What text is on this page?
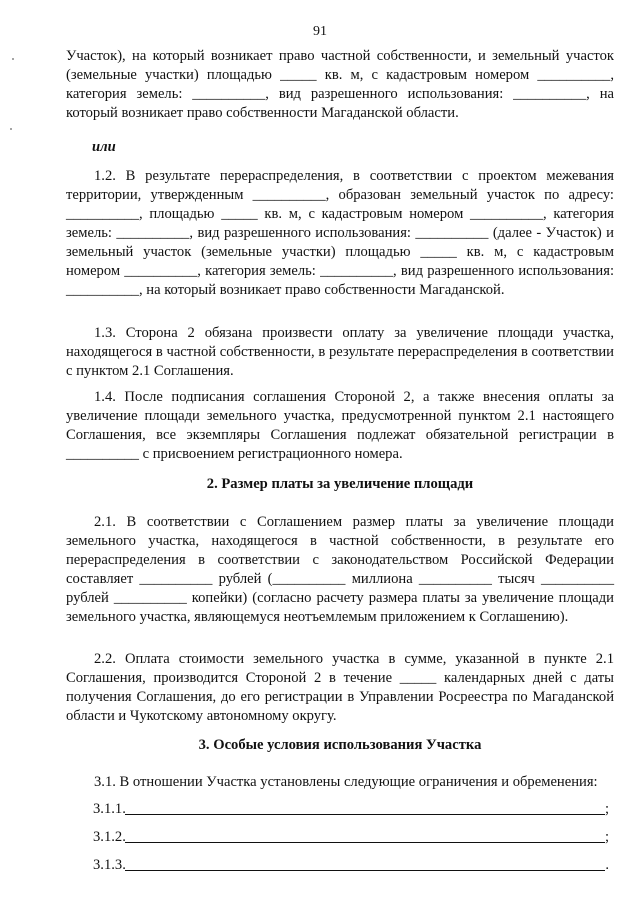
91

Участок), на который возникает право частной собственности, и земельный участок (земельные участки) площадью _____ кв. м, с кадастровым номером __________, категория земель: __________, вид разрешенного использования: __________, на который возникает право собственности Магаданской области.

или

1.2. В результате перераспределения, в соответствии с проектом межевания территории, утвержденным __________, образован земельный участок по адресу: __________, площадью _____ кв. м, с кадастровым номером __________, категория земель: __________, вид разрешенного использования: __________ (далее - Участок) и земельный участок (земельные участки) площадью _____ кв. м, с кадастровым номером __________, категория земель: __________, вид разрешенного использования: __________, на который возникает право собственности Магаданской.

1.3. Сторона 2 обязана произвести оплату за увеличение площади участка, находящегося в частной собственности, в результате перераспределения в соответствии с пунктом 2.1 Соглашения.

1.4. После подписания соглашения Стороной 2, а также внесения оплаты за увеличение площади земельного участка, предусмотренной пунктом 2.1 настоящего Соглашения, все экземпляры Соглашения подлежат обязательной регистрации в __________ с присвоением регистрационного номера.

2. Размер платы за увеличение площади

2.1. В соответствии с Соглашением размер платы за увеличение площади земельного участка, находящегося в частной собственности, в результате его перераспределения в соответствии с законодательством Российской Федерации составляет __________ рублей (__________ миллиона __________ тысяч __________ рублей __________ копейки) (согласно расчету размера платы за увеличение площади земельного участка, являющемуся неотъемлемым приложением к Соглашению).

2.2. Оплата стоимости земельного участка в сумме, указанной в пункте 2.1 Соглашения, производится Стороной 2 в течение _____ календарных дней с даты получения Соглашения, до его регистрации в Управлении Росреестра по Магаданской области и Чукотскому автономному округу.

3. Особые условия использования Участка

3.1. В отношении Участка установлены следующие ограничения и обременения:

3.1.1.	;
3.1.2.	;
3.1.3.	.
